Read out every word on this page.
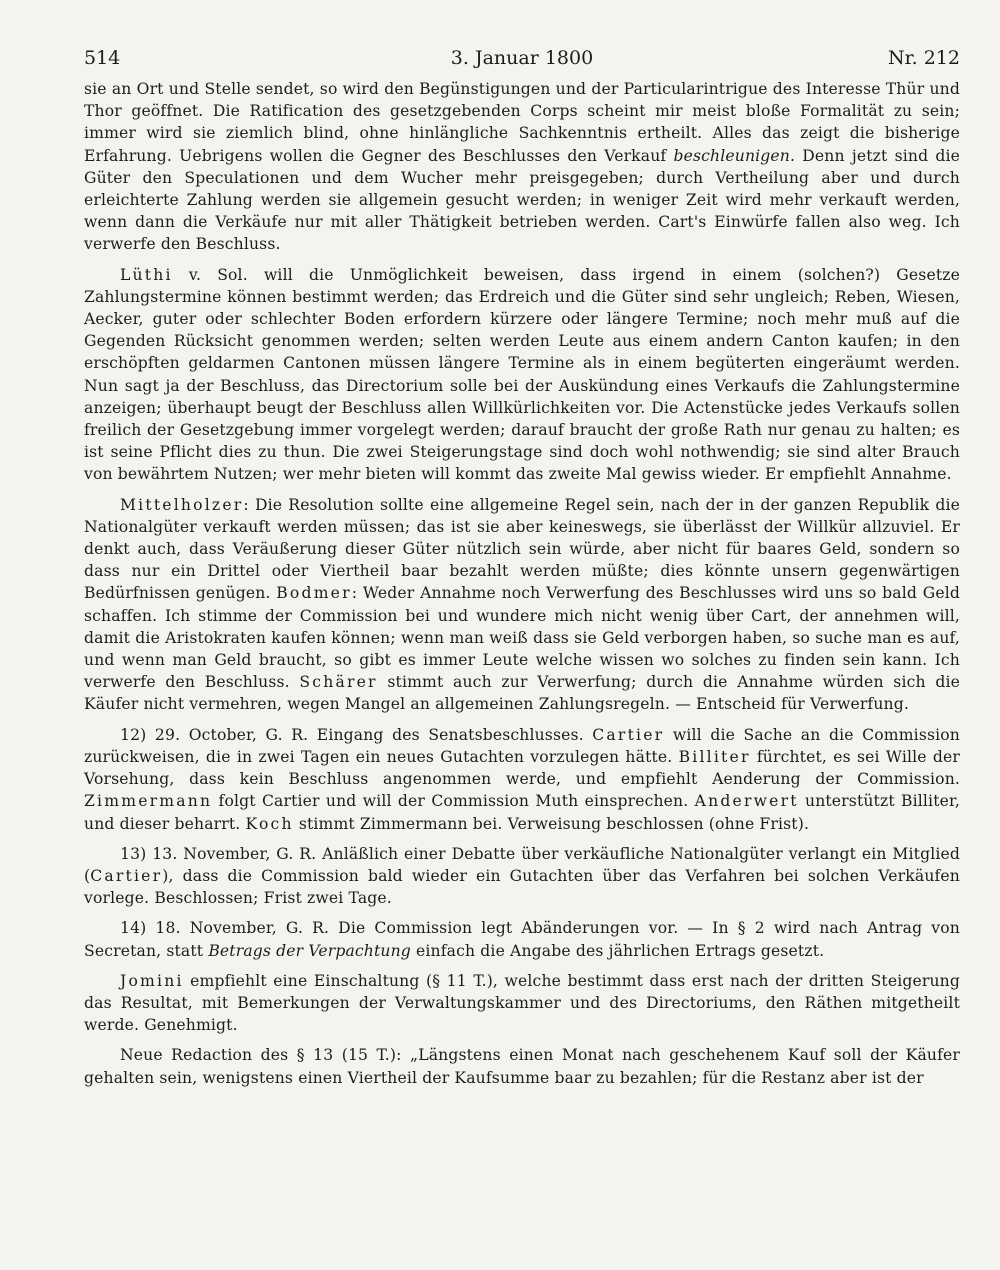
514	3. Januar 1800	Nr. 212

sie an Ort und Stelle sendet, so wird den Begünstigungen und der Particularintrigue des Interesse Thür und Thor geöffnet. Die Ratification des gesetzgebenden Corps scheint mir meist bloße Formalität zu sein; immer wird sie ziemlich blind, ohne hinlängliche Sachkenntnis ertheilt. Alles das zeigt die bisherige Erfahrung. Uebrigens wollen die Gegner des Beschlusses den Verkauf beschleunigen. Denn jetzt sind die Güter den Speculationen und dem Wucher mehr preisgegeben; durch Vertheilung aber und durch erleichterte Zahlung werden sie allgemein gesucht werden; in weniger Zeit wird mehr verkauft werden, wenn dann die Verkäufe nur mit aller Thätigkeit betrieben werden. Cart's Einwürfe fallen also weg. Ich verwerfe den Beschluss.

Lüthi v. Sol. will die Unmöglichkeit beweisen, dass irgend in einem (solchen?) Gesetze Zahlungstermine können bestimmt werden; das Erdreich und die Güter sind sehr ungleich; Reben, Wiesen, Aecker, guter oder schlechter Boden erfordern kürzere oder längere Termine; noch mehr muß auf die Gegenden Rücksicht genommen werden; selten werden Leute aus einem andern Canton kaufen; in den erschöpften geldarmen Cantonen müssen längere Termine als in einem begüterten eingeräumt werden. Nun sagt ja der Beschluss, das Directorium solle bei der Auskündung eines Verkaufs die Zahlungstermine anzeigen; überhaupt beugt der Beschluss allen Willkürlichkeiten vor. Die Actenstücke jedes Verkaufs sollen freilich der Gesetzgebung immer vorgelegt werden; darauf braucht der große Rath nur genau zu halten; es ist seine Pflicht dies zu thun. Die zwei Steigerungstage sind doch wohl nothwendig; sie sind alter Brauch von bewährtem Nutzen; wer mehr bieten will kommt das zweite Mal gewiss wieder. Er empfiehlt Annahme.

Mittelholzer: Die Resolution sollte eine allgemeine Regel sein, nach der in der ganzen Republik die Nationalgüter verkauft werden müssen; das ist sie aber keineswegs, sie überlässt der Willkür allzuviel. Er denkt auch, dass Veräußerung dieser Güter nützlich sein würde, aber nicht für baares Geld, sondern so dass nur ein Drittel oder Viertheil baar bezahlt werden müßte; dies könnte unsern gegenwärtigen Bedürfnissen genügen. Bodmer: Weder Annahme noch Verwerfung des Beschlusses wird uns so bald Geld schaffen. Ich stimme der Commission bei und wundere mich nicht wenig über Cart, der annehmen will, damit die Aristokraten kaufen können; wenn man weiß dass sie Geld verborgen haben, so suche man es auf, und wenn man Geld braucht, so gibt es immer Leute welche wissen wo solches zu finden sein kann. Ich verwerfe den Beschluss. Schärer stimmt auch zur Verwerfung; durch die Annahme würden sich die Käufer nicht vermehren, wegen Mangel an allgemeinen Zahlungsregeln. — Entscheid für Verwerfung.

12) 29. October, G. R. Eingang des Senatsbeschlusses. Cartier will die Sache an die Commission zurückweisen, die in zwei Tagen ein neues Gutachten vorzulegen hätte. Billiter fürchtet, es sei Wille der Vorsehung, dass kein Beschluss angenommen werde, und empfiehlt Aenderung der Commission. Zimmermann folgt Cartier und will der Commission Muth einsprechen. Anderwert unterstützt Billiter, und dieser beharrt. Koch stimmt Zimmermann bei. Verweisung beschlossen (ohne Frist).

13) 13. November, G. R. Anläßlich einer Debatte über verkäufliche Nationalgüter verlangt ein Mitglied (Cartier), dass die Commission bald wieder ein Gutachten über das Verfahren bei solchen Verkäufen vorlege. Beschlossen; Frist zwei Tage.

14) 18. November, G. R. Die Commission legt Abänderungen vor. — In § 2 wird nach Antrag von Secretan, statt Betrags der Verpachtung einfach die Angabe des jährlichen Ertrags gesetzt.

Jomini empfiehlt eine Einschaltung (§ 11 T.), welche bestimmt dass erst nach der dritten Steigerung das Resultat, mit Bemerkungen der Verwaltungskammer und des Directoriums, den Räthen mitgetheilt werde. Genehmigt.

Neue Redaction des § 13 (15 T.): „Längstens einen Monat nach geschehenem Kauf soll der Käufer gehalten sein, wenigstens einen Viertheil der Kaufsumme baar zu bezahlen; für die Restanz aber ist der
